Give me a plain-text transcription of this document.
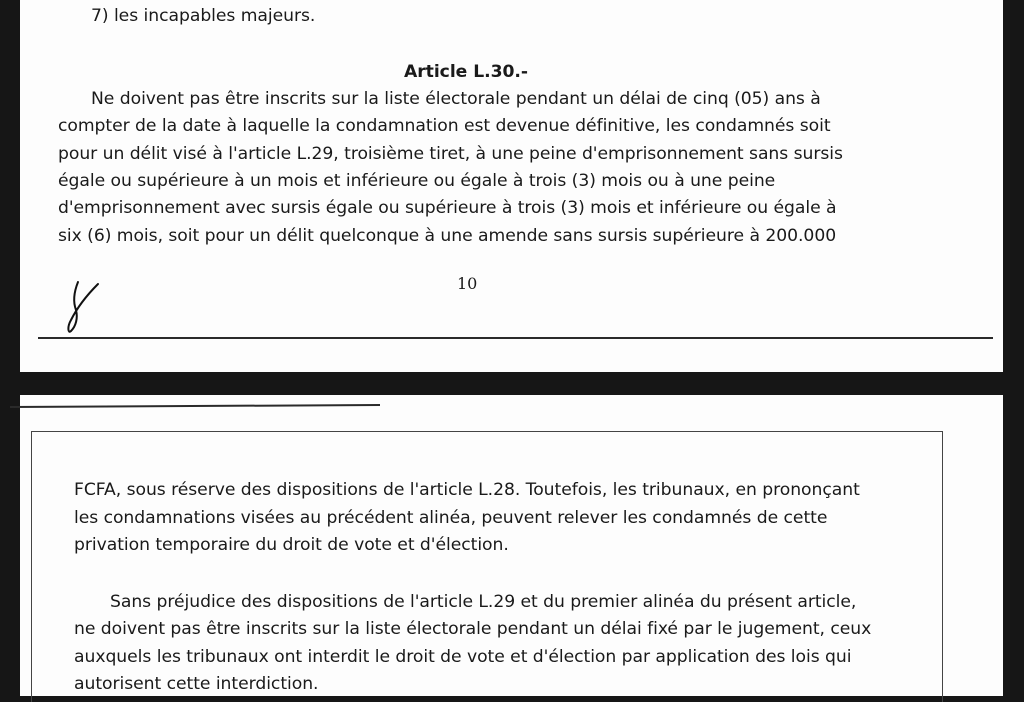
7) les incapables majeurs.
Article L.30.-
Ne doivent pas être inscrits sur la liste électorale pendant un délai de cinq (05) ans à
compter de la date à laquelle la condamnation est devenue définitive, les condamnés soit
pour un délit visé à l'article L.29, troisième tiret, à une peine d'emprisonnement sans sursis
égale ou supérieure à un mois et inférieure ou égale à trois (3) mois ou à une peine
d'emprisonnement avec sursis égale ou supérieure à trois (3) mois et inférieure ou égale à
six (6) mois, soit pour un délit quelconque à une amende sans sursis supérieure à 200.000
10
FCFA, sous réserve des dispositions de l'article L.28. Toutefois, les tribunaux, en prononçant
les condamnations visées au précédent alinéa, peuvent relever les condamnés de cette
privation temporaire du droit de vote et d'élection.
Sans préjudice des dispositions de l'article L.29 et du premier alinéa du présent article,
ne doivent pas être inscrits sur la liste électorale pendant un délai fixé par le jugement, ceux
auxquels les tribunaux ont interdit le droit de vote et d'élection par application des lois qui
autorisent cette interdiction.
